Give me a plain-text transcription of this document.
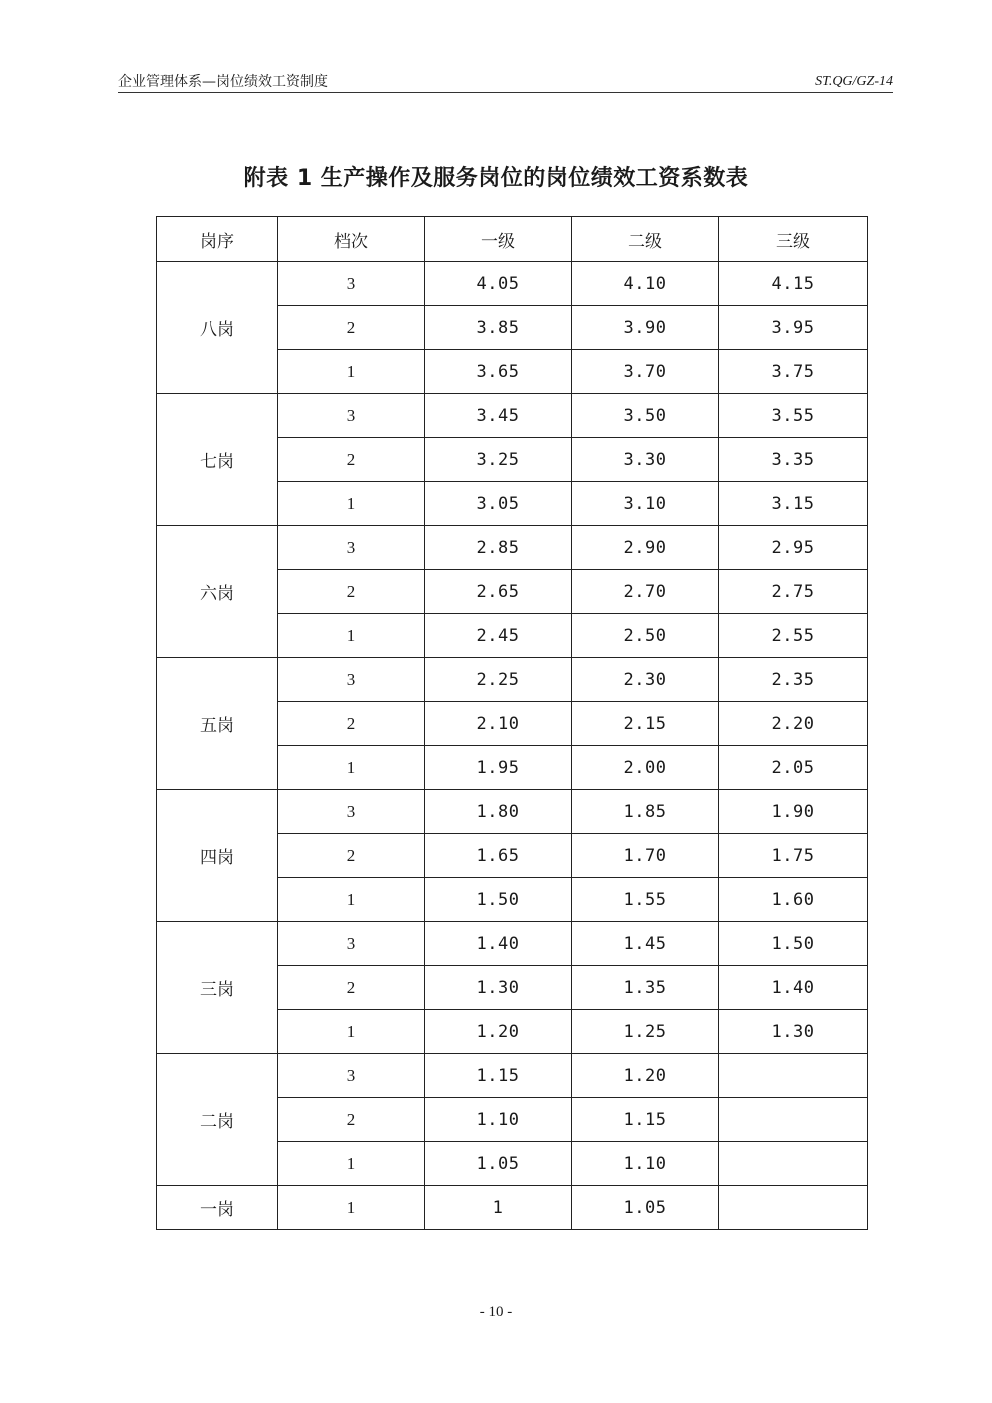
企业管理体系—岗位绩效工资制度	ST.QG/GZ-14
附表 1 生产操作及服务岗位的岗位绩效工资系数表
岗序	档次	一级	二级	三级
八岗	3	4.05	4.10	4.15
	2	3.85	3.90	3.95
	1	3.65	3.70	3.75
七岗	3	3.45	3.50	3.55
	2	3.25	3.30	3.35
	1	3.05	3.10	3.15
六岗	3	2.85	2.90	2.95
	2	2.65	2.70	2.75
	1	2.45	2.50	2.55
五岗	3	2.25	2.30	2.35
	2	2.10	2.15	2.20
	1	1.95	2.00	2.05
四岗	3	1.80	1.85	1.90
	2	1.65	1.70	1.75
	1	1.50	1.55	1.60
三岗	3	1.40	1.45	1.50
	2	1.30	1.35	1.40
	1	1.20	1.25	1.30
二岗	3	1.15	1.20	
	2	1.10	1.15	
	1	1.05	1.10	
一岗	1	1	1.05	
- 10 -
